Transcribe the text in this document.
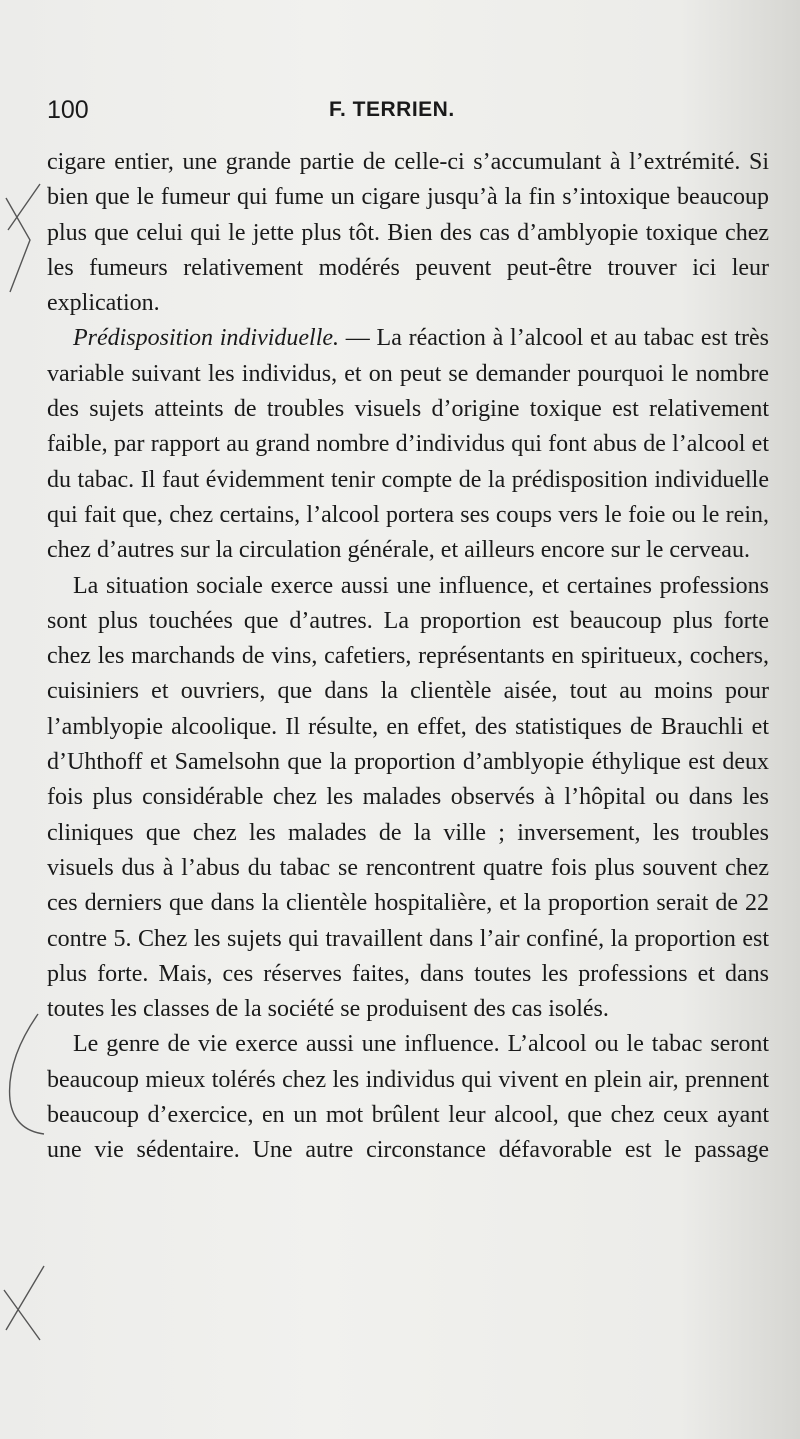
100	F. TERRIEN.

cigare entier, une grande partie de celle-ci s’accumulant à l’extrémité. Si bien que le fumeur qui fume un cigare jusqu’à la fin s’intoxique beaucoup plus que celui qui le jette plus tôt. Bien des cas d’amblyopie toxique chez les fumeurs relativement modérés peuvent peut-être trouver ici leur explication.

Prédisposition individuelle. — La réaction à l’alcool et au tabac est très variable suivant les individus, et on peut se demander pourquoi le nombre des sujets atteints de troubles visuels d’origine toxique est relativement faible, par rapport au grand nombre d’individus qui font abus de l’alcool et du tabac. Il faut évidemment tenir compte de la prédisposition individuelle qui fait que, chez certains, l’alcool portera ses coups vers le foie ou le rein, chez d’autres sur la circulation générale, et ailleurs encore sur le cerveau.

La situation sociale exerce aussi une influence, et certaines professions sont plus touchées que d’autres. La proportion est beaucoup plus forte chez les marchands de vins, cafetiers, représentants en spiritueux, cochers, cuisiniers et ouvriers, que dans la clientèle aisée, tout au moins pour l’amblyopie alcoolique. Il résulte, en effet, des statistiques de Brauchli et d’Uhthoff et Samelsohn que la proportion d’amblyopie éthylique est deux fois plus considérable chez les malades observés à l’hôpital ou dans les cliniques que chez les malades de la ville ; inversement, les troubles visuels dus à l’abus du tabac se rencontrent quatre fois plus souvent chez ces derniers que dans la clientèle hospitalière, et la proportion serait de 22 contre 5. Chez les sujets qui travaillent dans l’air confiné, la proportion est plus forte. Mais, ces réserves faites, dans toutes les professions et dans toutes les classes de la société se produisent des cas isolés.

Le genre de vie exerce aussi une influence. L’alcool ou le tabac seront beaucoup mieux tolérés chez les individus qui vivent en plein air, prennent beaucoup d’exercice, en un mot brûlent leur alcool, que chez ceux ayant une vie sédentaire. Une autre circonstance défavorable est le passage
